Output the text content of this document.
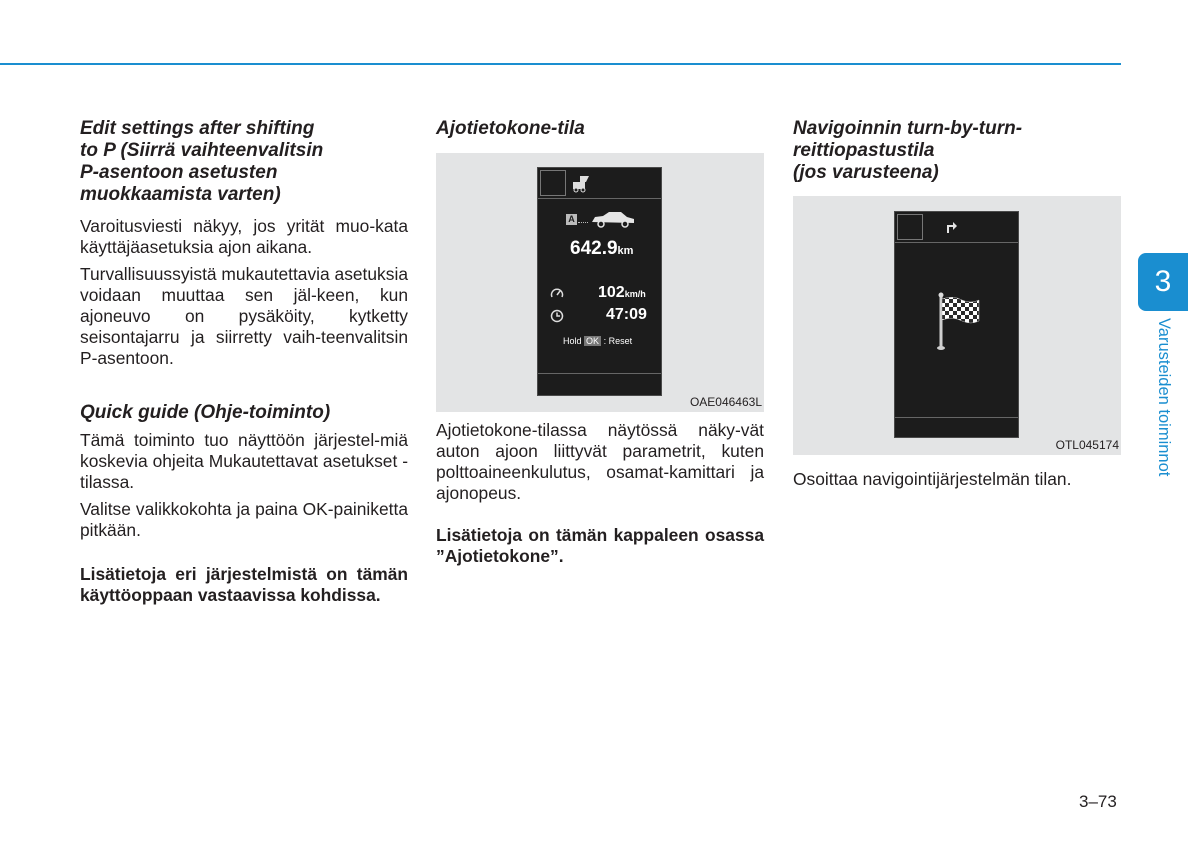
Edit settings after shifting
to P (Siirrä vaihteenvalitsin
P-asentoon asetusten
muokkaamista varten)

Varoitusviesti näkyy, jos yrität muo-kata käyttäjäasetuksia ajon aikana.

Turvallisuussyistä mukautettavia asetuksia voidaan muuttaa sen jäl-keen, kun ajoneuvo on pysäköity, kytketty seisontajarru ja siirretty vaih-teenvalitsin P-asentoon.

Quick guide (Ohje-toiminto)

Tämä toiminto tuo näyttöön järjestel-miä koskevia ohjeita Mukautettavat asetukset -tilassa.

Valitse valikkokohta ja paina OK-painiketta pitkään.

Lisätietoja eri järjestelmistä on tämän käyttöoppaan vastaavissa kohdissa.

Ajotietokone-tila
A
642.9km
102km/h
47:09
Hold OK : Reset
OAE046463L

Ajotietokone-tilassa näytössä näky-vät auton ajoon liittyvät parametrit, kuten polttoaineenkulutus, osamat-kamittari ja ajonopeus.

Lisätietoja on tämän kappaleen osassa ”Ajotietokone”.

Navigoinnin turn-by-turn-
reittiopastustila
(jos varusteena)
OTL045174

Osoittaa navigointijärjestelmän tilan.

3
Varusteiden toiminnot
3–73
